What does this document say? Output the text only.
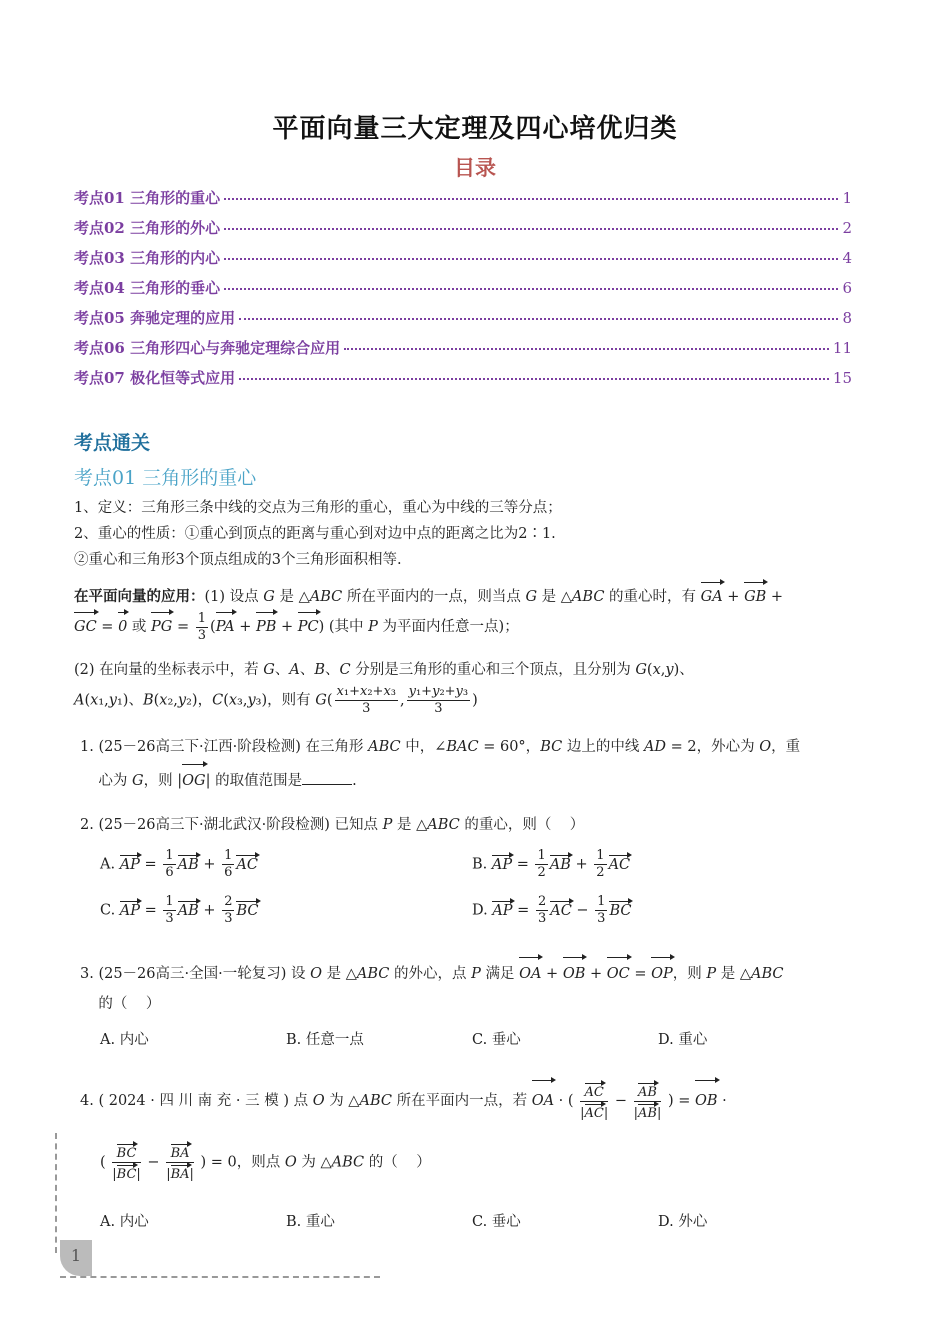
平面向量三大定理及四心培优归类
目录
考点01 三角形的重心	1
考点02 三角形的外心	2
考点03 三角形的内心	4
考点04 三角形的垂心	6
考点05 奔驰定理的应用	8
考点06 三角形四心与奔驰定理综合应用	11
考点07 极化恒等式应用	15
考点通关
考点01 三角形的重心
1、定义：三角形三条中线的交点为三角形的重心，重心为中线的三等分点；
2、重心的性质：①重心到顶点的距离与重心到对边中点的距离之比为2∶1.
②重心和三角形3个顶点组成的3个三角形面积相等.
在平面向量的应用：(1) 设点 G 是 △ABC 所在平面内的一点，则当点 G 是 △ABC 的重心时，有 GA + GB +
GC = 0 或 PG = $\frac{1}{3} (PA$ + PB + PC) (其中 P 为平面内任意一点)；
(2) 在向量的坐标表示中，若 G、A、B、C 分别是三角形的重心和三个顶点，且分别为 G(x,y)、
A(x₁,y₁)、B(x₂,y₂)，C(x₃,y₃)，则有 $G( \frac{\text{x₁+x₂+x₃}}{3}$ , $\frac{\text{y₁+y₂+y₃}}{3}$ )
1. (25－26高三下·江西·阶段检测) 在三角形 ABC 中，∠BAC = 60°，BC 边上的中线 AD = 2，外心为 O，重
心为 G，则 |OG| 的取值范围是	.
2. (25－26高三下·湖北武汉·阶段检测) 已知点 P 是 △ABC 的重心，则（    ）
A. AP = $\frac{1}{6}$ AB + $\frac{1}{6}$ AC	B. AP = $\frac{1}{2}$ AB + $\frac{1}{2}$ AC
C. AP = $\frac{1}{3}$ AB + $\frac{2}{3}$ BC	D. AP = $\frac{2}{3}$ AC − $\frac{1}{3}$ BC
3. (25－26高三·全国·一轮复习) 设 O 是 △ABC 的外心，点 P 满足 OA + OB + OC = OP，则 P 是 △ABC
的（    ）
A. 内心	B. 任意一点	C. 垂心	D. 重心
4. ( 2024 · 四 川 南 充 · 三 模 ) 点 O 为 △ABC 所在平面内一点，若 OA · ( $\frac{AC}{|AC|} - \frac{AB}{|AB|}$ ) = OB ·
( $\frac{BC}{|BC|} - \frac{BA}{|BA|}$ ) = 0，则点 O 为 △ABC 的（    ）
A. 内心	B. 重心	C. 垂心	D. 外心
1
